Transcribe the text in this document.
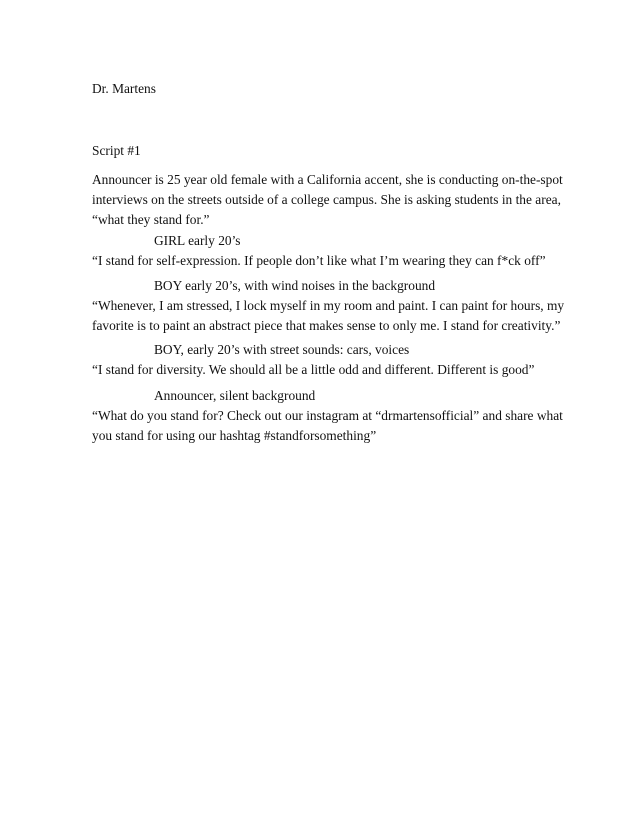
Dr. Martens
Script #1
Announcer is 25 year old female with a California accent, she is conducting on-the-spot
interviews on the streets outside of a college campus. She is asking students in the area,
“what they stand for.”
GIRL early 20’s
“I stand for self-expression. If people don’t like what I’m wearing they can f*ck off”
BOY early 20’s, with wind noises in the background
“Whenever, I am stressed, I lock myself in my room and paint. I can paint for hours, my
favorite is to paint an abstract piece that makes sense to only me. I stand for creativity.”
BOY, early 20’s with street sounds: cars, voices
“I stand for diversity. We should all be a little odd and different. Different is good”
Announcer, silent background
“What do you stand for? Check out our instagram at “drmartensofficial” and share what
you stand for using our hashtag #standforsomething”
